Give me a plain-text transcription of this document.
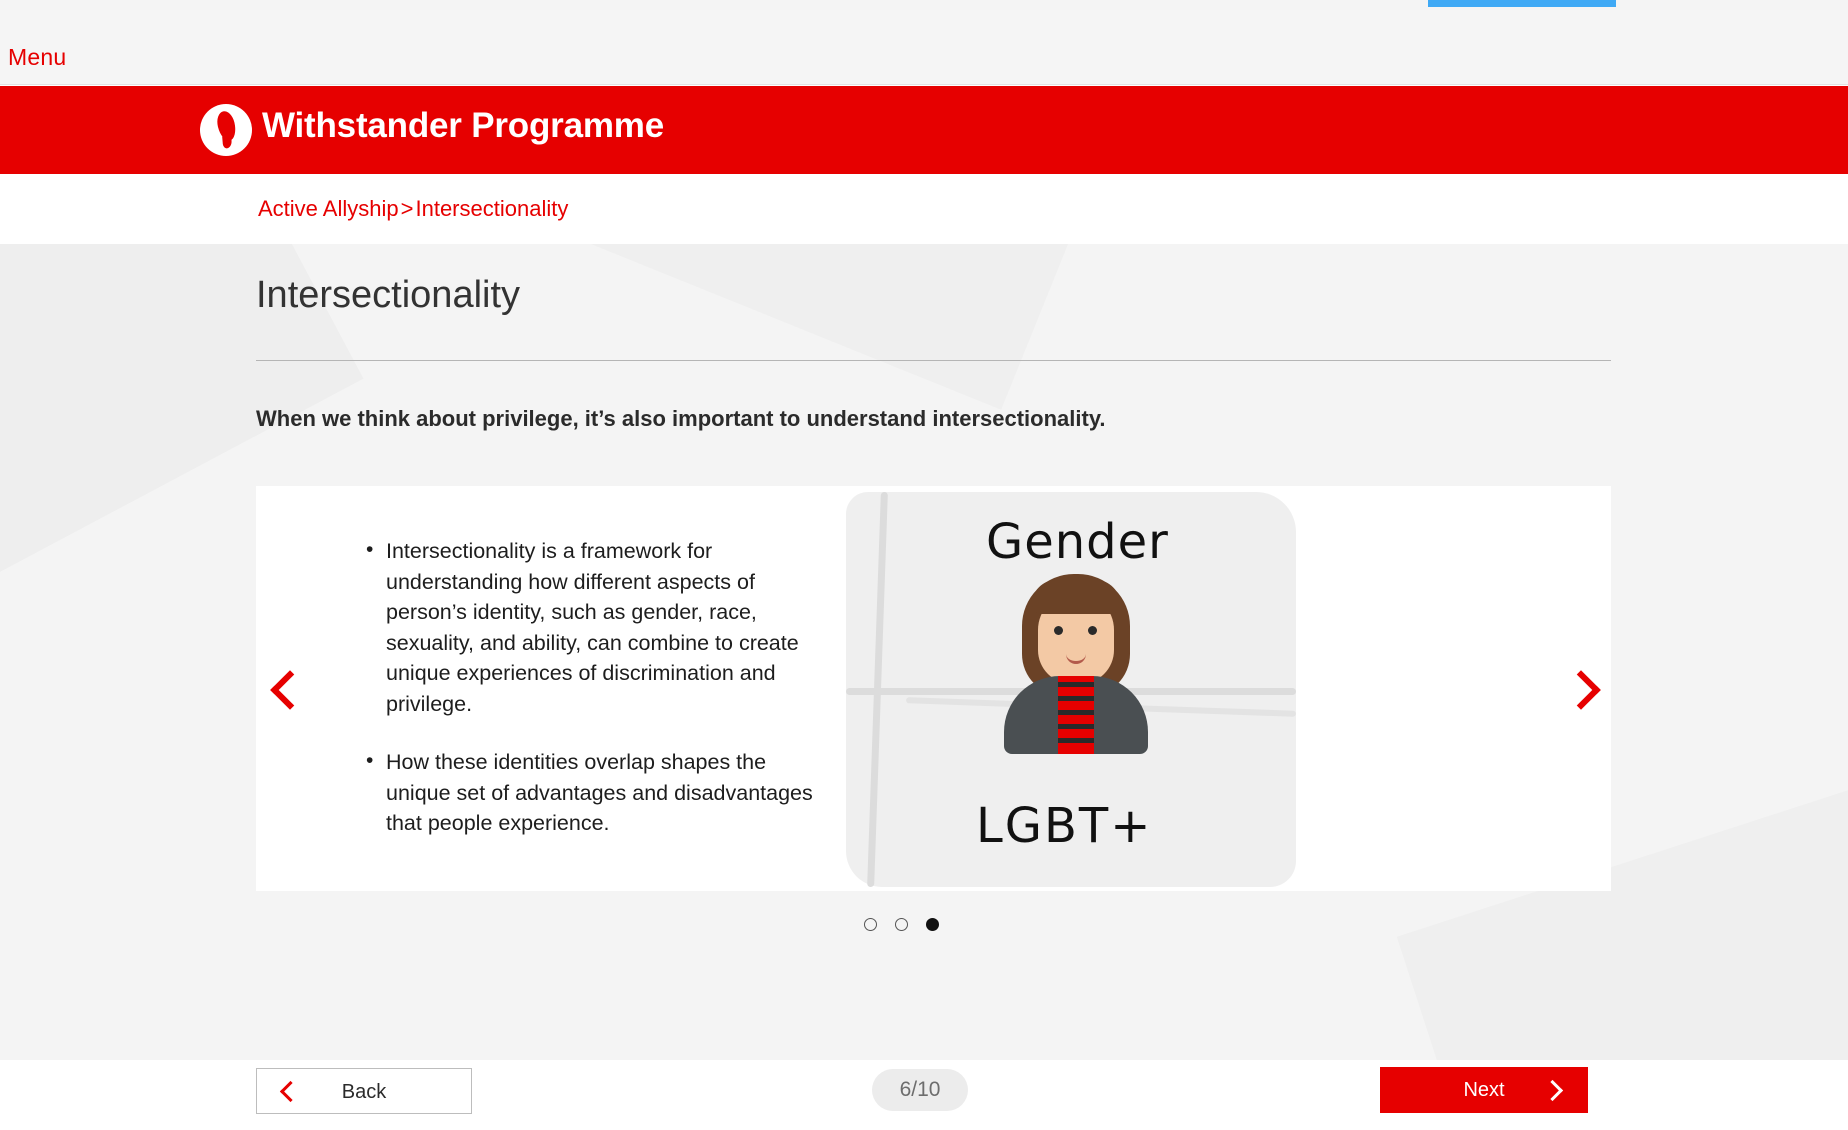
Menu
Withstander Programme
Active Allyship>Intersectionality
Intersectionality
When we think about privilege, it’s also important to understand intersectionality.
• Intersectionality is a framework for understanding how different aspects of person’s identity, such as gender, race, sexuality, and ability, can combine to create unique experiences of discrimination and privilege.
• How these identities overlap shapes the unique set of advantages and disadvantages that people experience.
Gender
LGBT+
Back	6/10	Next
